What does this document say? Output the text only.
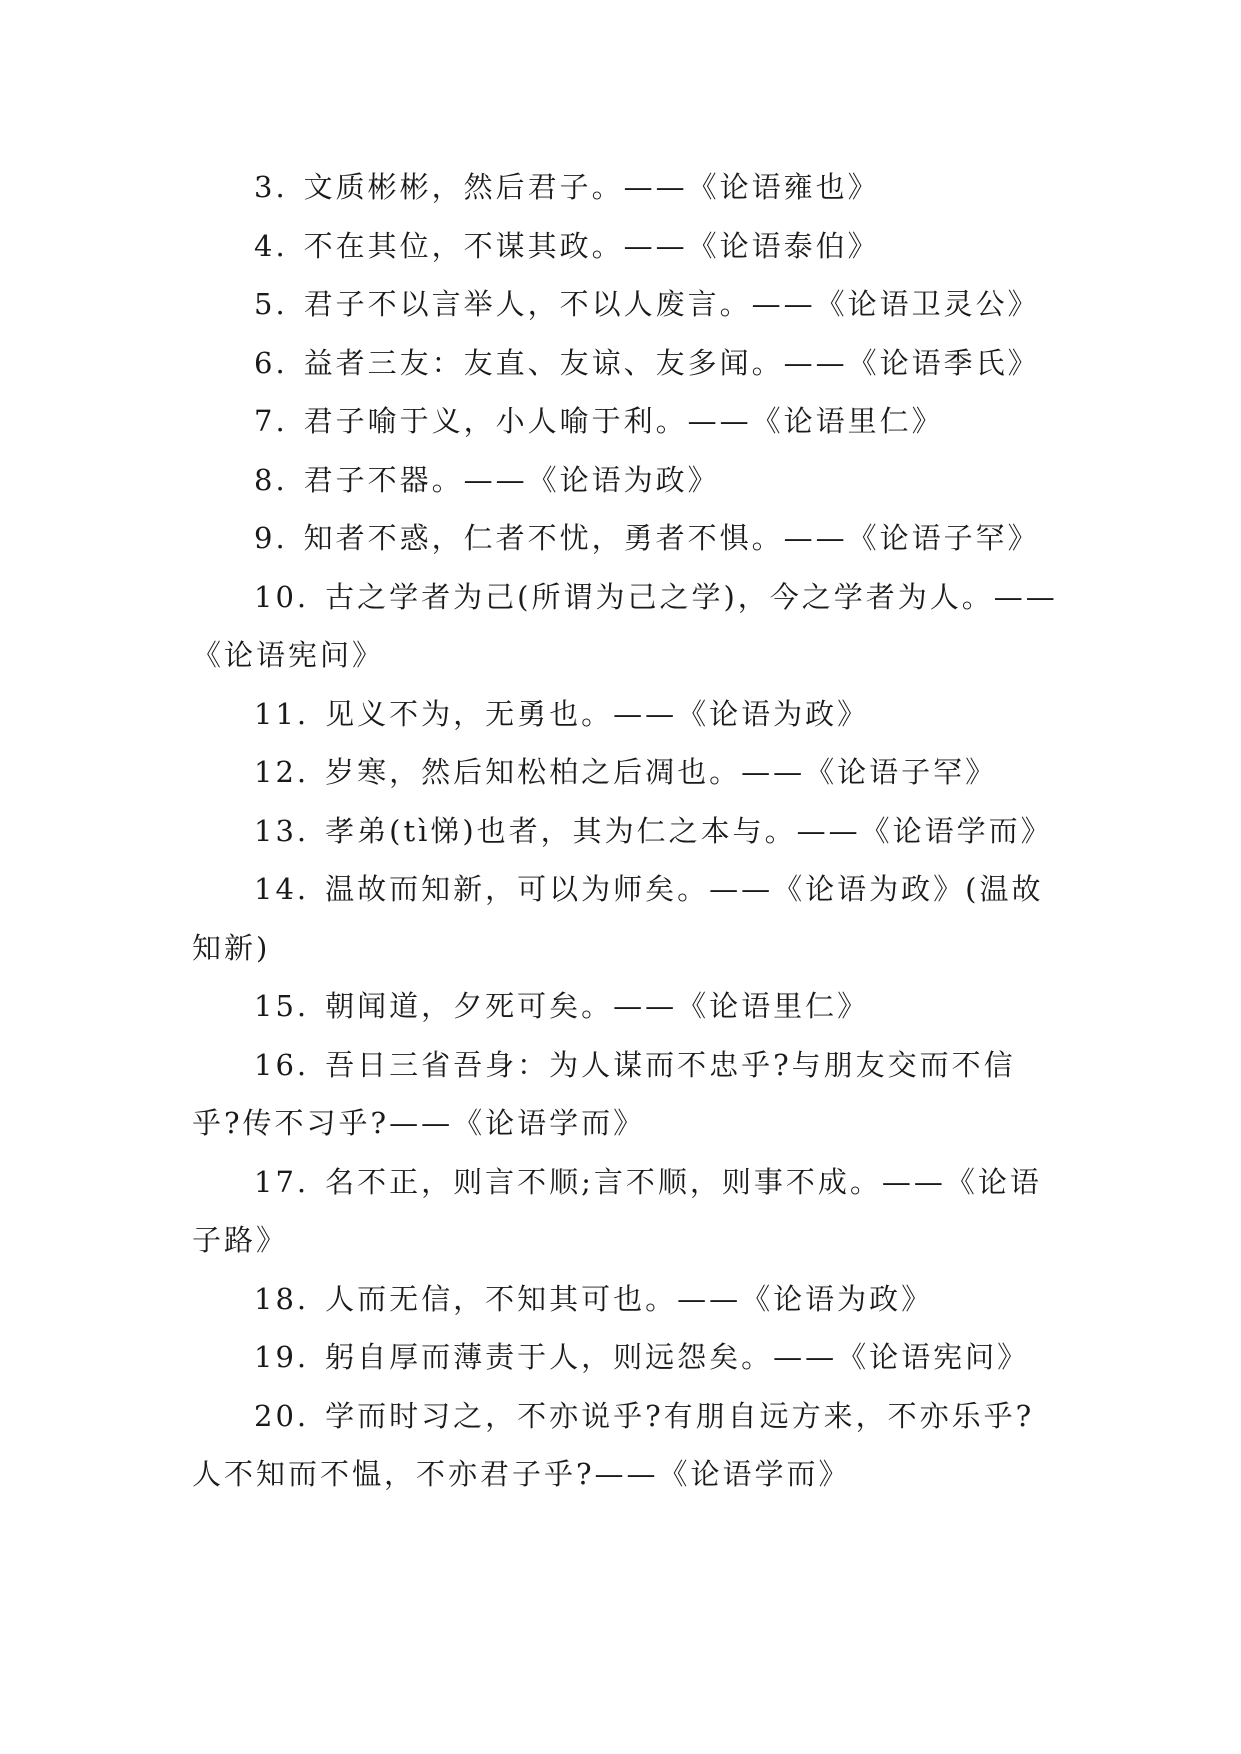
3. 文质彬彬，然后君子。——《论语雍也》

4. 不在其位，不谋其政。——《论语泰伯》

5. 君子不以言举人，不以人废言。——《论语卫灵公》

6. 益者三友：友直、友谅、友多闻。——《论语季氏》

7. 君子喻于义，小人喻于利。——《论语里仁》

8. 君子不器。——《论语为政》

9. 知者不惑，仁者不忧，勇者不惧。——《论语子罕》

10. 古之学者为己(所谓为己之学)，今之学者为人。——《论语宪问》

11. 见义不为，无勇也。——《论语为政》

12. 岁寒，然后知松柏之后凋也。——《论语子罕》

13. 孝弟(tì悌)也者，其为仁之本与。——《论语学而》

14. 温故而知新，可以为师矣。——《论语为政》(温故知新)

15. 朝闻道，夕死可矣。——《论语里仁》

16. 吾日三省吾身：为人谋而不忠乎?与朋友交而不信乎?传不习乎?——《论语学而》

17. 名不正，则言不顺;言不顺，则事不成。——《论语子路》

18. 人而无信，不知其可也。——《论语为政》

19. 躬自厚而薄责于人，则远怨矣。——《论语宪问》

20. 学而时习之，不亦说乎?有朋自远方来，不亦乐乎?人不知而不愠，不亦君子乎?——《论语学而》
